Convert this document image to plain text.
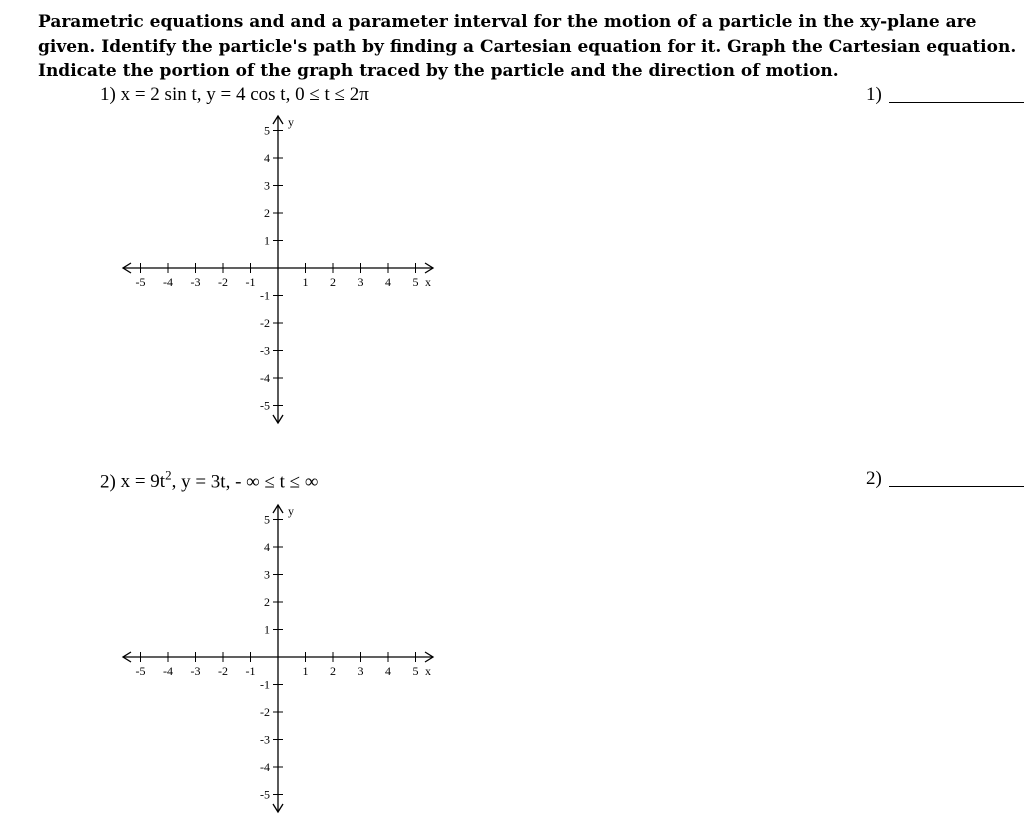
Parametric equations and and a parameter interval for the motion of a particle in the xy-plane are given. Identify the particle's path by finding a Cartesian equation for it. Graph the Cartesian equation. Indicate the portion of the graph traced by the particle and the direction of motion.

1) x = 2 sin t, y = 4 cos t, 0 ≤ t ≤ 2π	1)
-5 -4 -3 -2 -1	1 2 3 4 5
5
4
3
2
1
-1
-2
-3
-4
-5
x
y
2) $x = 9t^2$, y = 3t, - ∞ ≤ t ≤ ∞	2)
-5 -4 -3 -2 -1	1 2 3 4 5
5
4
3
2
1
-1
-2
-3
-4
-5
x
y
